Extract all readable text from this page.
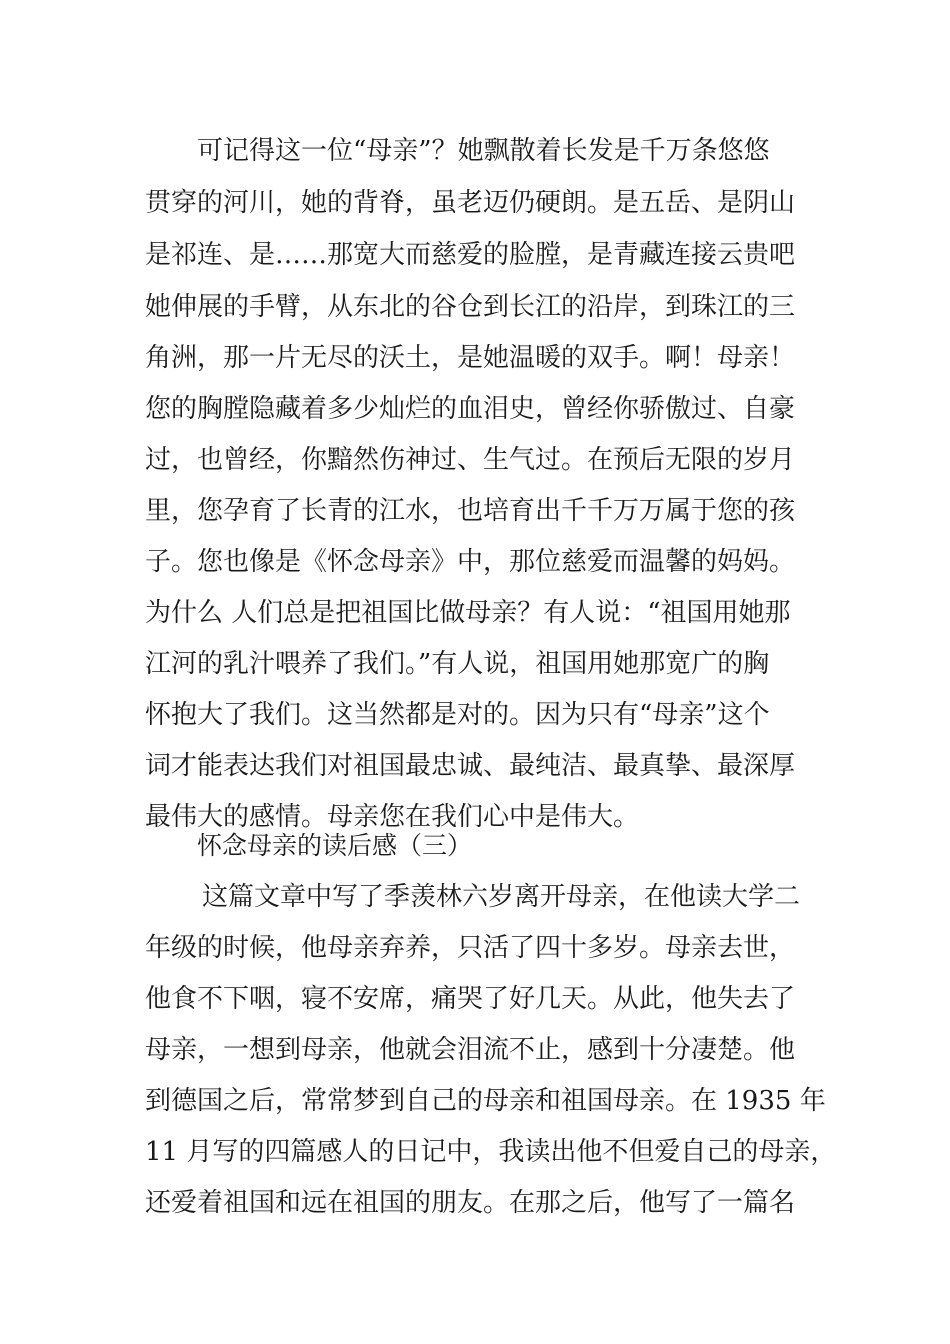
可记得这一位“母亲”？她飘散着长发是千万条悠悠
贯穿的河川，她的背脊，虽老迈仍硬朗。是五岳、是阴山
是祁连、是……那宽大而慈爱的脸膛，是青藏连接云贵吧
她伸展的手臂，从东北的谷仓到长江的沿岸，到珠江的三
角洲，那一片无尽的沃土，是她温暖的双手。啊！母亲！
您的胸膛隐藏着多少灿烂的血泪史，曾经你骄傲过、自豪
过，也曾经，你黯然伤神过、生气过。在预后无限的岁月
里，您孕育了长青的江水，也培育出千千万万属于您的孩
子。您也像是《怀念母亲》中，那位慈爱而温馨的妈妈。
为什么 人们总是把祖国比做母亲？有人说：“祖国用她那
江河的乳汁喂养了我们。”有人说，祖国用她那宽广的胸
怀抱大了我们。这当然都是对的。因为只有“母亲”这个
词才能表达我们对祖国最忠诚、最纯洁、最真挚、最深厚
最伟大的感情。母亲您在我们心中是伟大。
怀念母亲的读后感（三）
这篇文章中写了季羡林六岁离开母亲，在他读大学二
年级的时候，他母亲弃养，只活了四十多岁。母亲去世，
他食不下咽，寝不安席，痛哭了好几天。从此，他失去了
母亲，一想到母亲，他就会泪流不止，感到十分凄楚。他
到德国之后，常常梦到自己的母亲和祖国母亲。在 1935 年
11 月写的四篇感人的日记中，我读出他不但爱自己的母亲，
还爱着祖国和远在祖国的朋友。在那之后，他写了一篇名
